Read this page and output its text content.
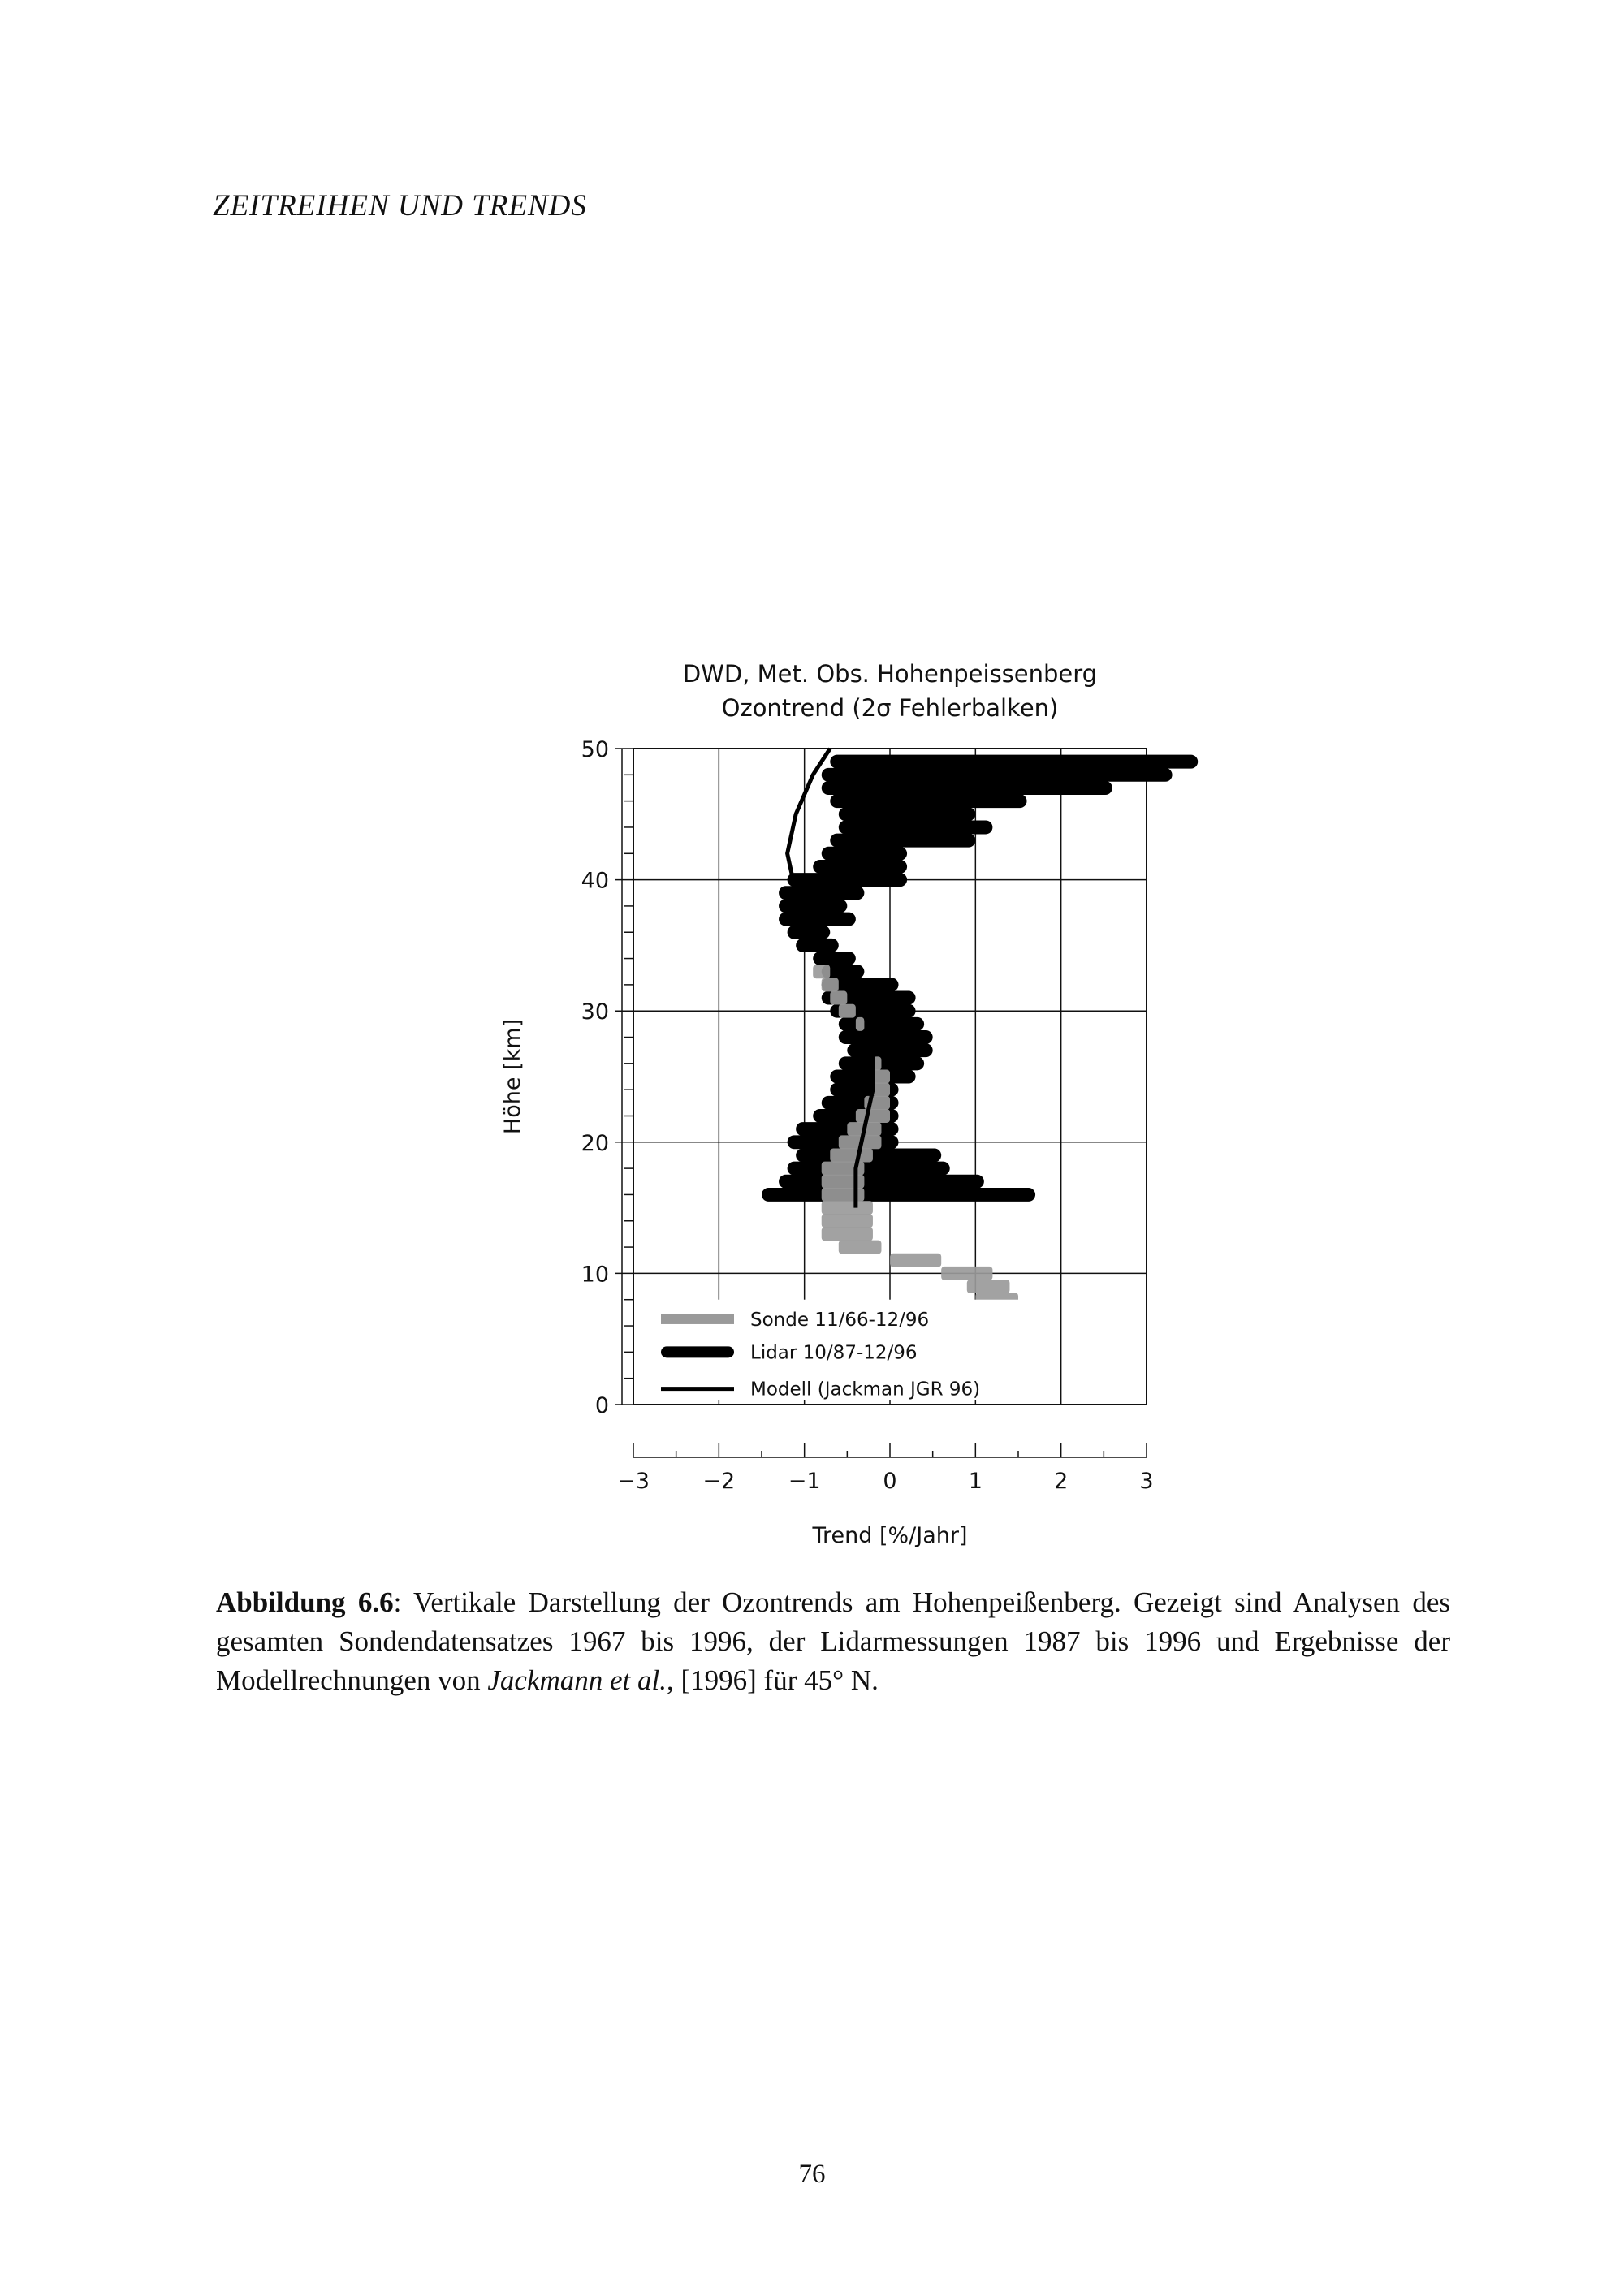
ZEITREIHEN UND TRENDS
DWD, Met. Obs. Hohenpeissenberg
Ozontrend (2σ Fehlerbalken)
0
10
20
30
40
50
Höhe [km]
−3 −2 −1	0	1	2	3
Trend [%/Jahr]
Sonde 11/66-12/96
Lidar 10/87-12/96
Modell (Jackman JGR 96)
Abbildung 6.6: Vertikale Darstellung der Ozontrends am Hohenpeißenberg. Gezeigt sind Analysen des gesamten Sondendatensatzes 1967 bis 1996, der Lidarmessungen 1987 bis 1996 und Ergebnisse der Modellrechnungen von Jackmann et al., [1996] für 45° N.
76
